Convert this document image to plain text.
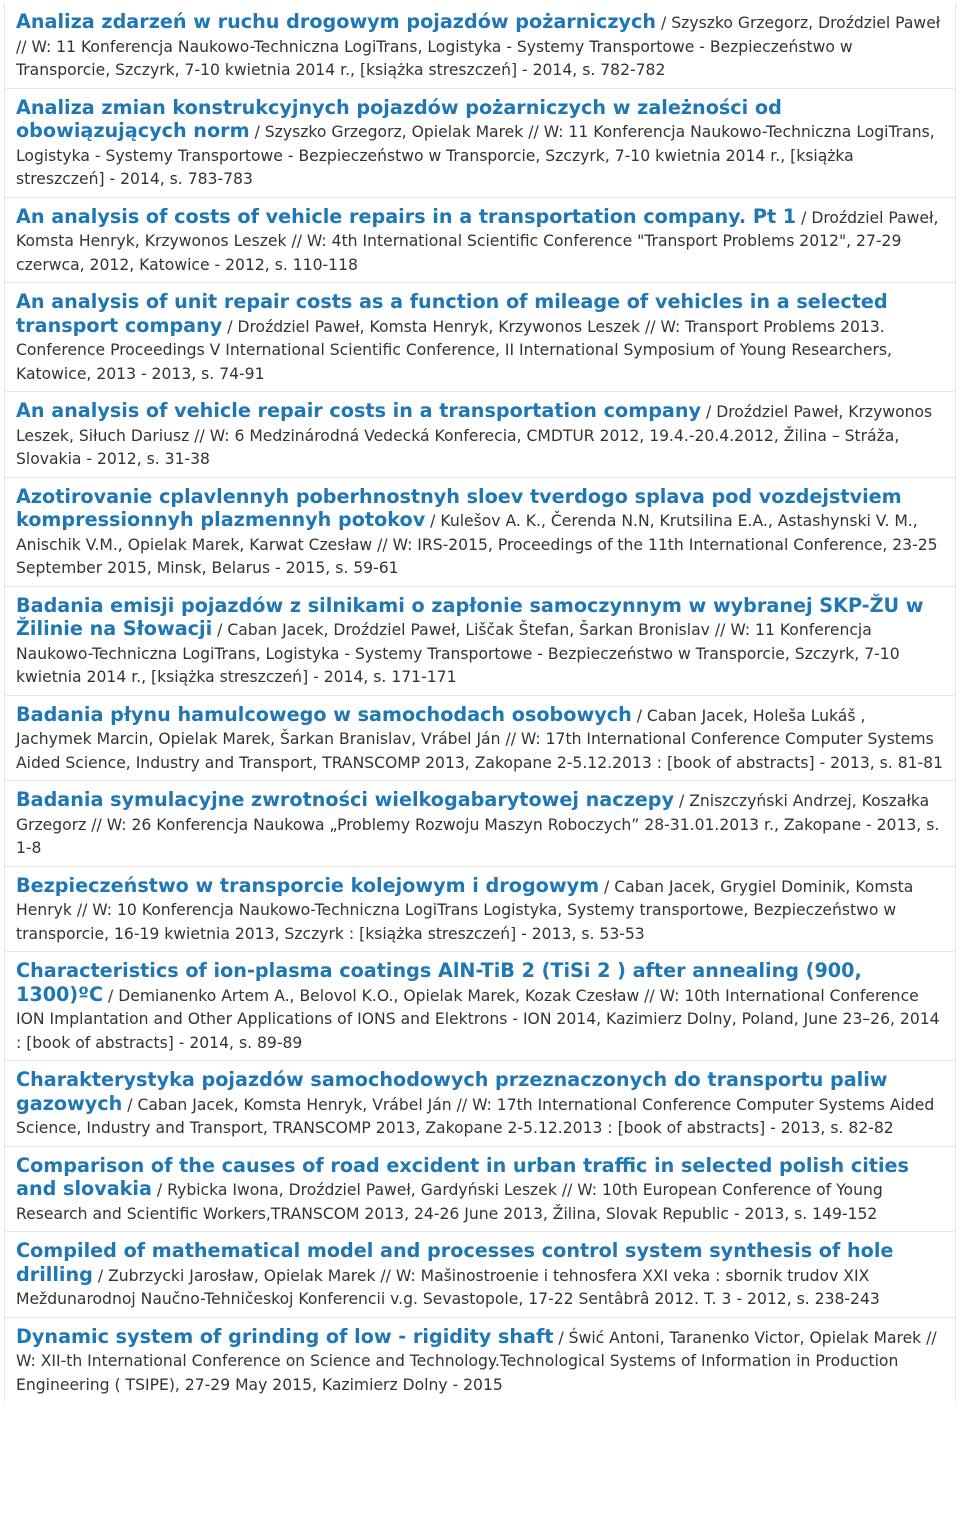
Analiza zdarzeń w ruchu drogowym pojazdów pożarniczych / Szyszko Grzegorz, Droździel Paweł // W: 11 Konferencja Naukowo-Techniczna LogiTrans, Logistyka - Systemy Transportowe - Bezpieczeństwo w Transporcie, Szczyrk, 7-10 kwietnia 2014 r., [książka streszczeń] - 2014, s. 782-782

Analiza zmian konstrukcyjnych pojazdów pożarniczych w zależności od obowiązujących norm / Szyszko Grzegorz, Opielak Marek // W: 11 Konferencja Naukowo-Techniczna LogiTrans, Logistyka - Systemy Transportowe - Bezpieczeństwo w Transporcie, Szczyrk, 7-10 kwietnia 2014 r., [książka streszczeń] - 2014, s. 783-783

An analysis of costs of vehicle repairs in a transportation company. Pt 1 / Droździel Paweł, Komsta Henryk, Krzywonos Leszek // W: 4th International Scientific Conference "Transport Problems 2012", 27-29 czerwca, 2012, Katowice - 2012, s. 110-118

An analysis of unit repair costs as a function of mileage of vehicles in a selected transport company / Droździel Paweł, Komsta Henryk, Krzywonos Leszek // W: Transport Problems 2013. Conference Proceedings V International Scientific Conference, II International Symposium of Young Researchers, Katowice, 2013 - 2013, s. 74-91

An analysis of vehicle repair costs in a transportation company / Droździel Paweł, Krzywonos Leszek, Siłuch Dariusz // W: 6 Medzinárodná Vedecká Konferecia, CMDTUR 2012, 19.4.-20.4.2012, Žilina – Stráža, Slovakia - 2012, s. 31-38

Azotirovanie cplavlennyh poberhnostnyh sloev tverdogo splava pod vozdejstviem kompressionnyh plazmennyh potokov / Kulešov A. K., Čerenda N.N, Krutsilina E.A., Astashynski V. M., Anischik V.M., Opielak Marek, Karwat Czesław // W: IRS-2015, Proceedings of the 11th International Conference, 23-25 September 2015, Minsk, Belarus - 2015, s. 59-61

Badania emisji pojazdów z silnikami o zapłonie samoczynnym w wybranej SKP-ŽU w Žilinie na Słowacji / Caban Jacek, Droździel Paweł, Liščak Štefan, Šarkan Bronislav // W: 11 Konferencja Naukowo-Techniczna LogiTrans, Logistyka - Systemy Transportowe - Bezpieczeństwo w Transporcie, Szczyrk, 7-10 kwietnia 2014 r., [książka streszczeń] - 2014, s. 171-171

Badania płynu hamulcowego w samochodach osobowych / Caban Jacek, Holeša Lukáš , Jachymek Marcin, Opielak Marek, Šarkan Branislav, Vrábel Ján // W: 17th International Conference Computer Systems Aided Science, Industry and Transport, TRANSCOMP 2013, Zakopane 2-5.12.2013 : [book of abstracts] - 2013, s. 81-81

Badania symulacyjne zwrotności wielkogabarytowej naczepy / Zniszczyński Andrzej, Koszałka Grzegorz // W: 26 Konferencja Naukowa „Problemy Rozwoju Maszyn Roboczych” 28-31.01.2013 r., Zakopane - 2013, s. 1-8

Bezpieczeństwo w transporcie kolejowym i drogowym / Caban Jacek, Grygiel Dominik, Komsta Henryk // W: 10 Konferencja Naukowo-Techniczna LogiTrans Logistyka, Systemy transportowe, Bezpieczeństwo w transporcie, 16-19 kwietnia 2013, Szczyrk : [książka streszczeń] - 2013, s. 53-53

Characteristics of ion-plasma coatings AlN-TiB 2 (TiSi 2 ) after annealing (900, 1300)ºC / Demianenko Artem A., Belovol K.O., Opielak Marek, Kozak Czesław // W: 10th International Conference ION Implantation and Other Applications of IONS and Elektrons - ION 2014, Kazimierz Dolny, Poland, June 23–26, 2014 : [book of abstracts] - 2014, s. 89-89

Charakterystyka pojazdów samochodowych przeznaczonych do transportu paliw gazowych / Caban Jacek, Komsta Henryk, Vrábel Ján // W: 17th International Conference Computer Systems Aided Science, Industry and Transport, TRANSCOMP 2013, Zakopane 2-5.12.2013 : [book of abstracts] - 2013, s. 82-82

Comparison of the causes of road excident in urban traffic in selected polish cities and slovakia / Rybicka Iwona, Droździel Paweł, Gardyński Leszek // W: 10th European Conference of Young Research and Scientific Workers,TRANSCOM 2013, 24-26 June 2013, Žilina, Slovak Republic - 2013, s. 149-152

Compiled of mathematical model and processes control system synthesis of hole drilling / Zubrzycki Jarosław, Opielak Marek // W: Mašinostroenie i tehnosfera XXI veka : sbornik trudov XIX Meždunarodnoj Naučno-Tehničeskoj Konferencii v.g. Sevastopole, 17-22 Sentâbrâ 2012. T. 3 - 2012, s. 238-243

Dynamic system of grinding of low - rigidity shaft / Świć Antoni, Taranenko Victor, Opielak Marek // W: XII-th International Conference on Science and Technology.Technological Systems of Information in Production Engineering ( TSIPE), 27-29 May 2015, Kazimierz Dolny - 2015
